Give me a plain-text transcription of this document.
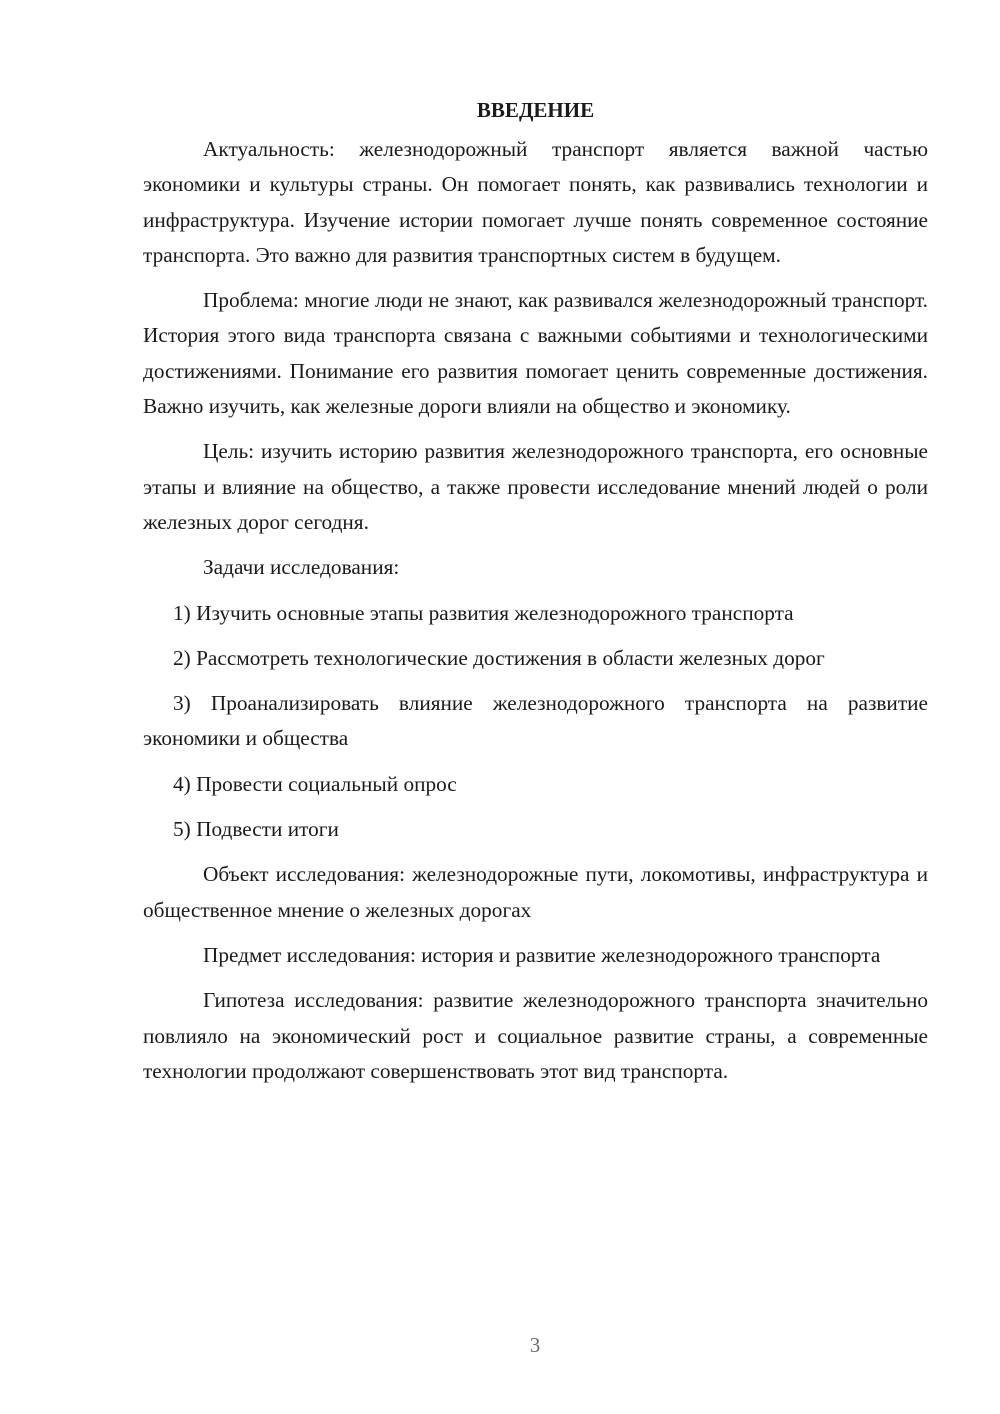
ВВЕДЕНИЕ

Актуальность: железнодорожный транспорт является важной частью экономики и культуры страны. Он помогает понять, как развивались технологии и инфраструктура. Изучение истории помогает лучше понять современное состояние транспорта. Это важно для развития транспортных систем в будущем.

Проблема: многие люди не знают, как развивался железнодорожный транспорт. История этого вида транспорта связана с важными событиями и технологическими достижениями. Понимание его развития помогает ценить современные достижения. Важно изучить, как железные дороги влияли на общество и экономику.

Цель: изучить историю развития железнодорожного транспорта, его основные этапы и влияние на общество, а также провести исследование мнений людей о роли железных дорог сегодня.

Задачи исследования:

1) Изучить основные этапы развития железнодорожного транспорта

2) Рассмотреть технологические достижения в области железных дорог

3) Проанализировать влияние железнодорожного транспорта на развитие экономики и общества

4) Провести социальный опрос

5) Подвести итоги

Объект исследования: железнодорожные пути, локомотивы, инфраструктура и общественное мнение о железных дорогах

Предмет исследования: история и развитие железнодорожного транспорта

Гипотеза исследования: развитие железнодорожного транспорта значительно повлияло на экономический рост и социальное развитие страны, а современные технологии продолжают совершенствовать этот вид транспорта.

3
